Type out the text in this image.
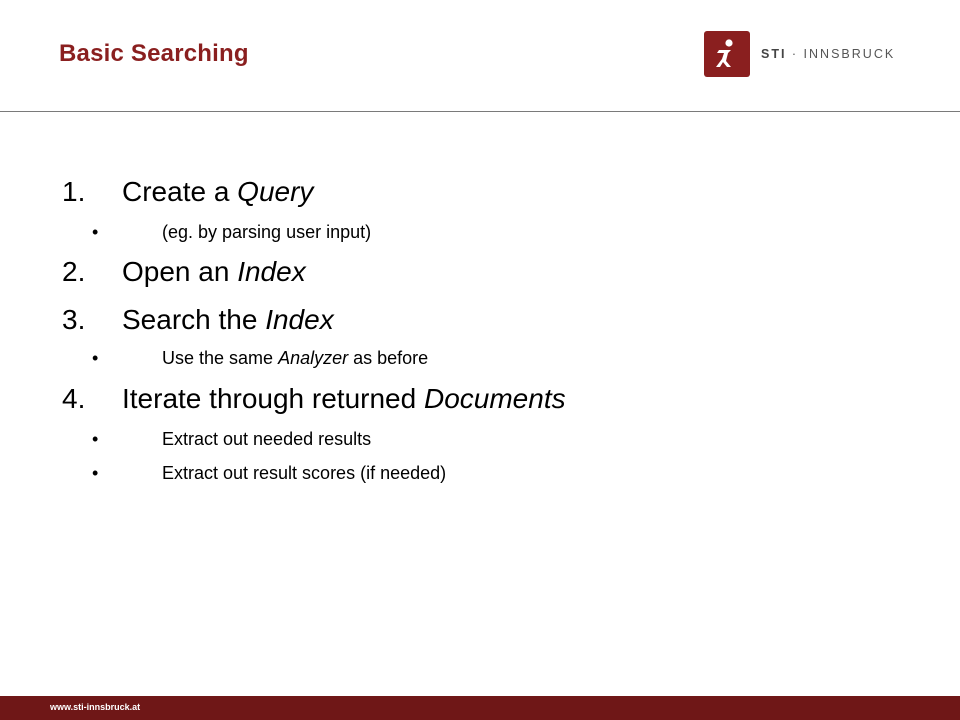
Basic Searching	STI · INNSBRUCK
1. Create a Query
•	(eg. by parsing user input)
2. Open an Index
3. Search the Index
•	Use the same Analyzer as before
4. Iterate through returned Documents
•	Extract out needed results
•	Extract out result scores (if needed)
www.sti-innsbruck.at
